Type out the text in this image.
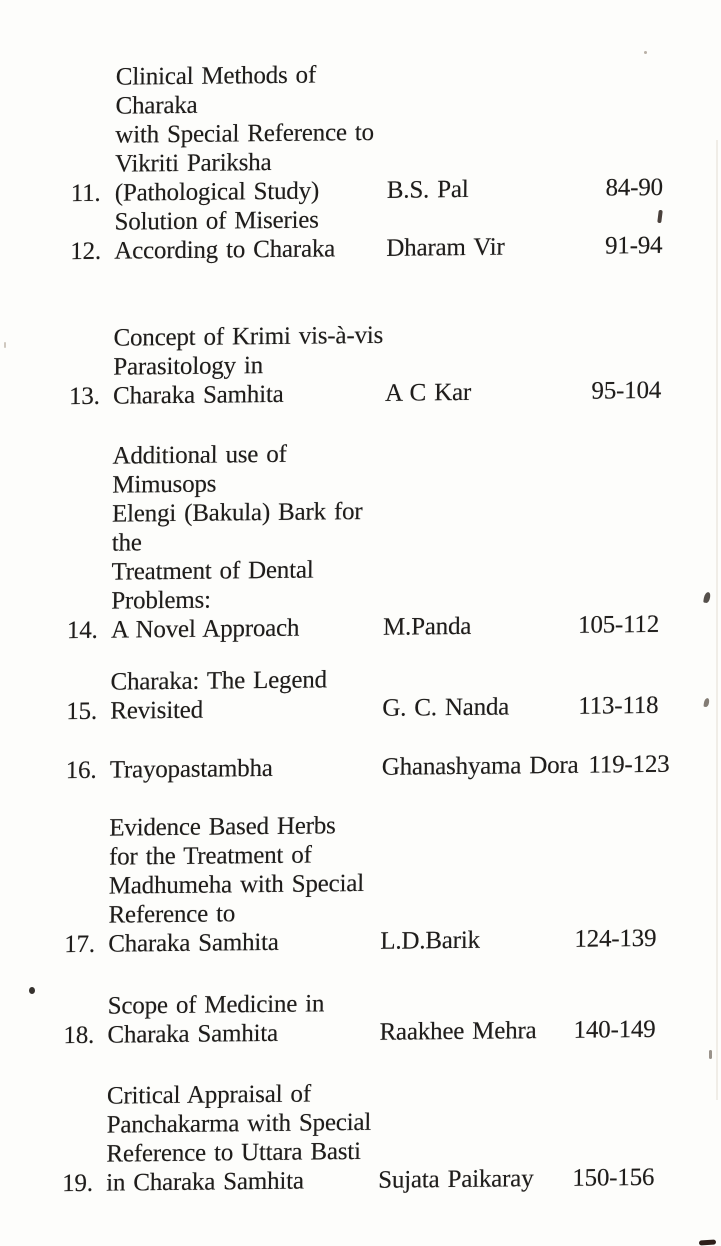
11.
Clinical Methods of Charaka
with Special Reference to
Vikriti Pariksha
(Pathological Study)	B.S. Pal	84-90
12.
Solution of Miseries
According to Charaka	Dharam Vir	91-94
13.
Concept of Krimi vis-à-vis
Parasitology in
Charaka Samhita	A C Kar	95-104
14.
Additional use of Mimusops
Elengi (Bakula) Bark for the
Treatment of Dental Problems:
A Novel Approach	M.Panda	105-112
15.
Charaka: The Legend
Revisited	G. C. Nanda	113-118
16. Trayopastambha	Ghanashyama Dora 119-123
17.
Evidence Based Herbs
for the Treatment of
Madhumeha with Special
Reference to
Charaka Samhita	L.D.Barik	124-139
18.
Scope of Medicine in
Charaka Samhita	Raakhee Mehra	140-149
19.
Critical Appraisal of
Panchakarma with Special
Reference to Uttara Basti
in Charaka Samhita	Sujata Paikaray	150-156
